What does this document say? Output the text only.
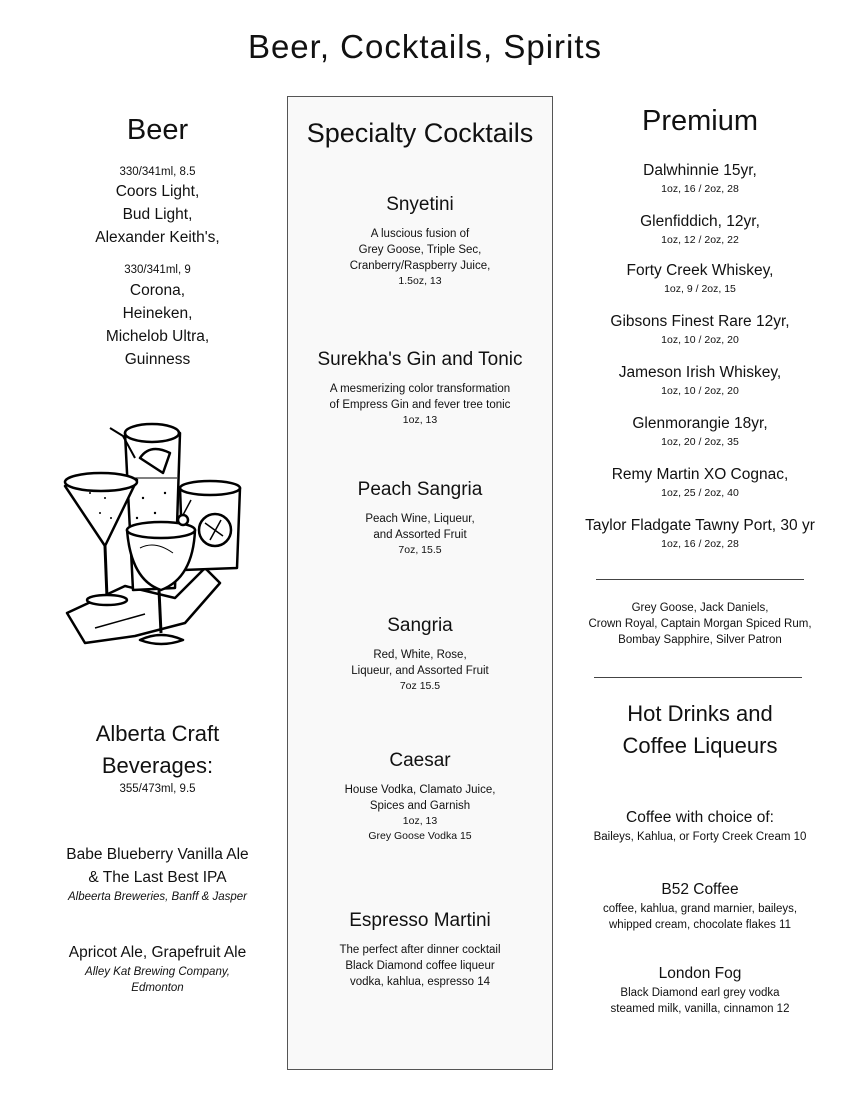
Beer, Cocktails, Spirits
Beer
330/341ml, 8.5
Coors Light,
Bud Light,
Alexander Keith's,
330/341ml, 9
Corona,
Heineken,
Michelob Ultra,
Guinness
Alberta Craft
Beverages:
355/473ml, 9.5
Babe Blueberry Vanilla Ale
& The Last Best IPA
Albeerta Breweries, Banff & Jasper
Apricot Ale, Grapefruit Ale
Alley Kat Brewing Company,
Edmonton
Specialty Cocktails
Snyetini
A luscious fusion of
Grey Goose, Triple Sec,
Cranberry/Raspberry Juice,
1.5oz, 13
Surekha's Gin and Tonic
A mesmerizing color transformation
of Empress Gin and fever tree tonic
1oz, 13
Peach Sangria
Peach Wine, Liqueur,
and Assorted Fruit
7oz, 15.5
Sangria
Red, White, Rose,
Liqueur, and Assorted Fruit
7oz 15.5
Caesar
House Vodka, Clamato Juice,
Spices and Garnish
1oz, 13
Grey Goose Vodka 15
Espresso Martini
The perfect after dinner cocktail
Black Diamond coffee liqueur
vodka, kahlua, espresso 14
Premium
Dalwhinnie 15yr,
1oz, 16 / 2oz, 28
Glenfiddich, 12yr,
1oz, 12 / 2oz, 22
Forty Creek Whiskey,
1oz, 9 / 2oz, 15
Gibsons Finest Rare 12yr,
1oz, 10 / 2oz, 20
Jameson Irish Whiskey,
1oz, 10 / 2oz, 20
Glenmorangie 18yr,
1oz, 20 / 2oz, 35
Remy Martin XO Cognac,
1oz, 25 / 2oz, 40
Taylor Fladgate Tawny Port, 30 yr
1oz, 16 / 2oz, 28
Grey Goose, Jack Daniels,
Crown Royal, Captain Morgan Spiced Rum,
Bombay Sapphire, Silver Patron
Hot Drinks and
Coffee Liqueurs
Coffee with choice of:
Baileys, Kahlua, or Forty Creek Cream 10
B52 Coffee
coffee, kahlua, grand marnier, baileys,
whipped cream, chocolate flakes 11
London Fog
Black Diamond earl grey vodka
steamed milk, vanilla, cinnamon 12
